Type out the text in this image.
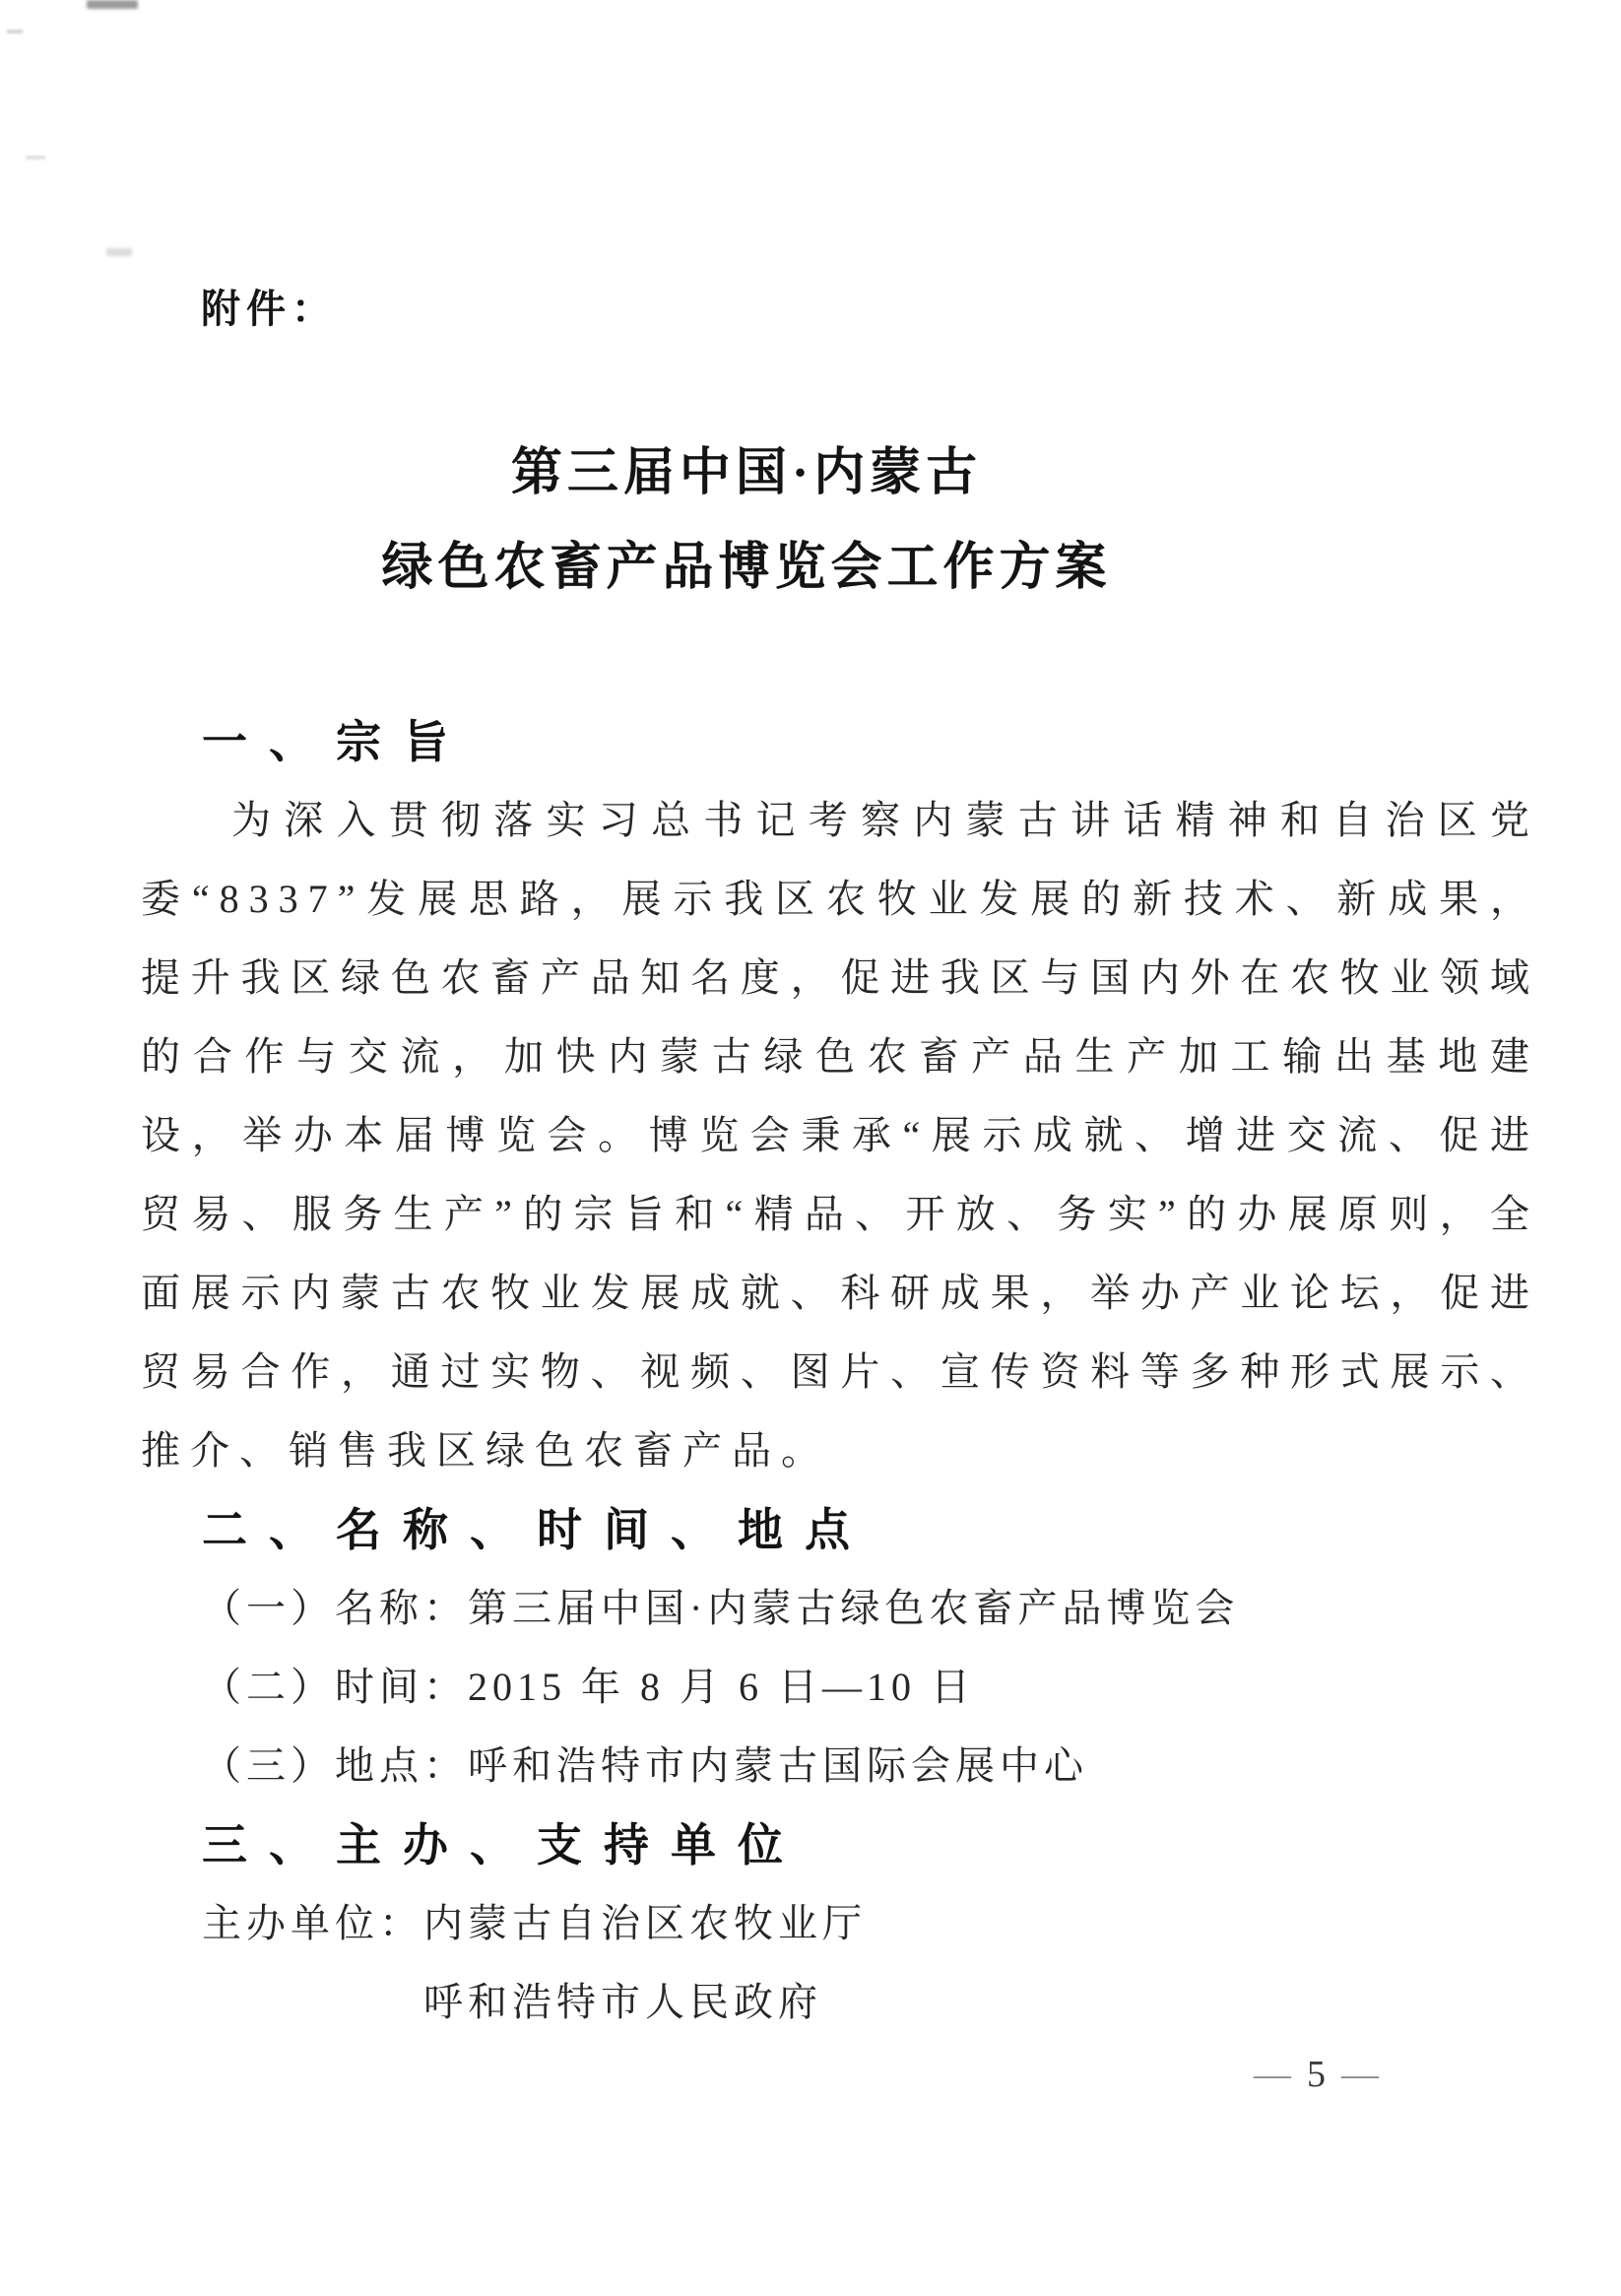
附件：
第三届中国·内蒙古
绿色农畜产品博览会工作方案
一、宗旨

为深入贯彻落实习总书记考察内蒙古讲话精神和自治区党委“8337”发展思路，展示我区农牧业发展的新技术、新成果，提升我区绿色农畜产品知名度，促进我区与国内外在农牧业领域的合作与交流，加快内蒙古绿色农畜产品生产加工输出基地建设，举办本届博览会。博览会秉承“展示成就、增进交流、促进贸易、服务生产”的宗旨和“精品、开放、务实”的办展原则，全面展示内蒙古农牧业发展成就、科研成果，举办产业论坛，促进贸易合作，通过实物、视频、图片、宣传资料等多种形式展示、推介、销售我区绿色农畜产品。

二、名称、时间、地点
（一）名称：第三届中国·内蒙古绿色农畜产品博览会
（二）时间：2015 年 8 月 6 日—10 日
（三）地点：呼和浩特市内蒙古国际会展中心
三、主办、支持单位
主办单位： 内蒙古自治区农牧业厅
呼和浩特市人民政府
— 5 —
